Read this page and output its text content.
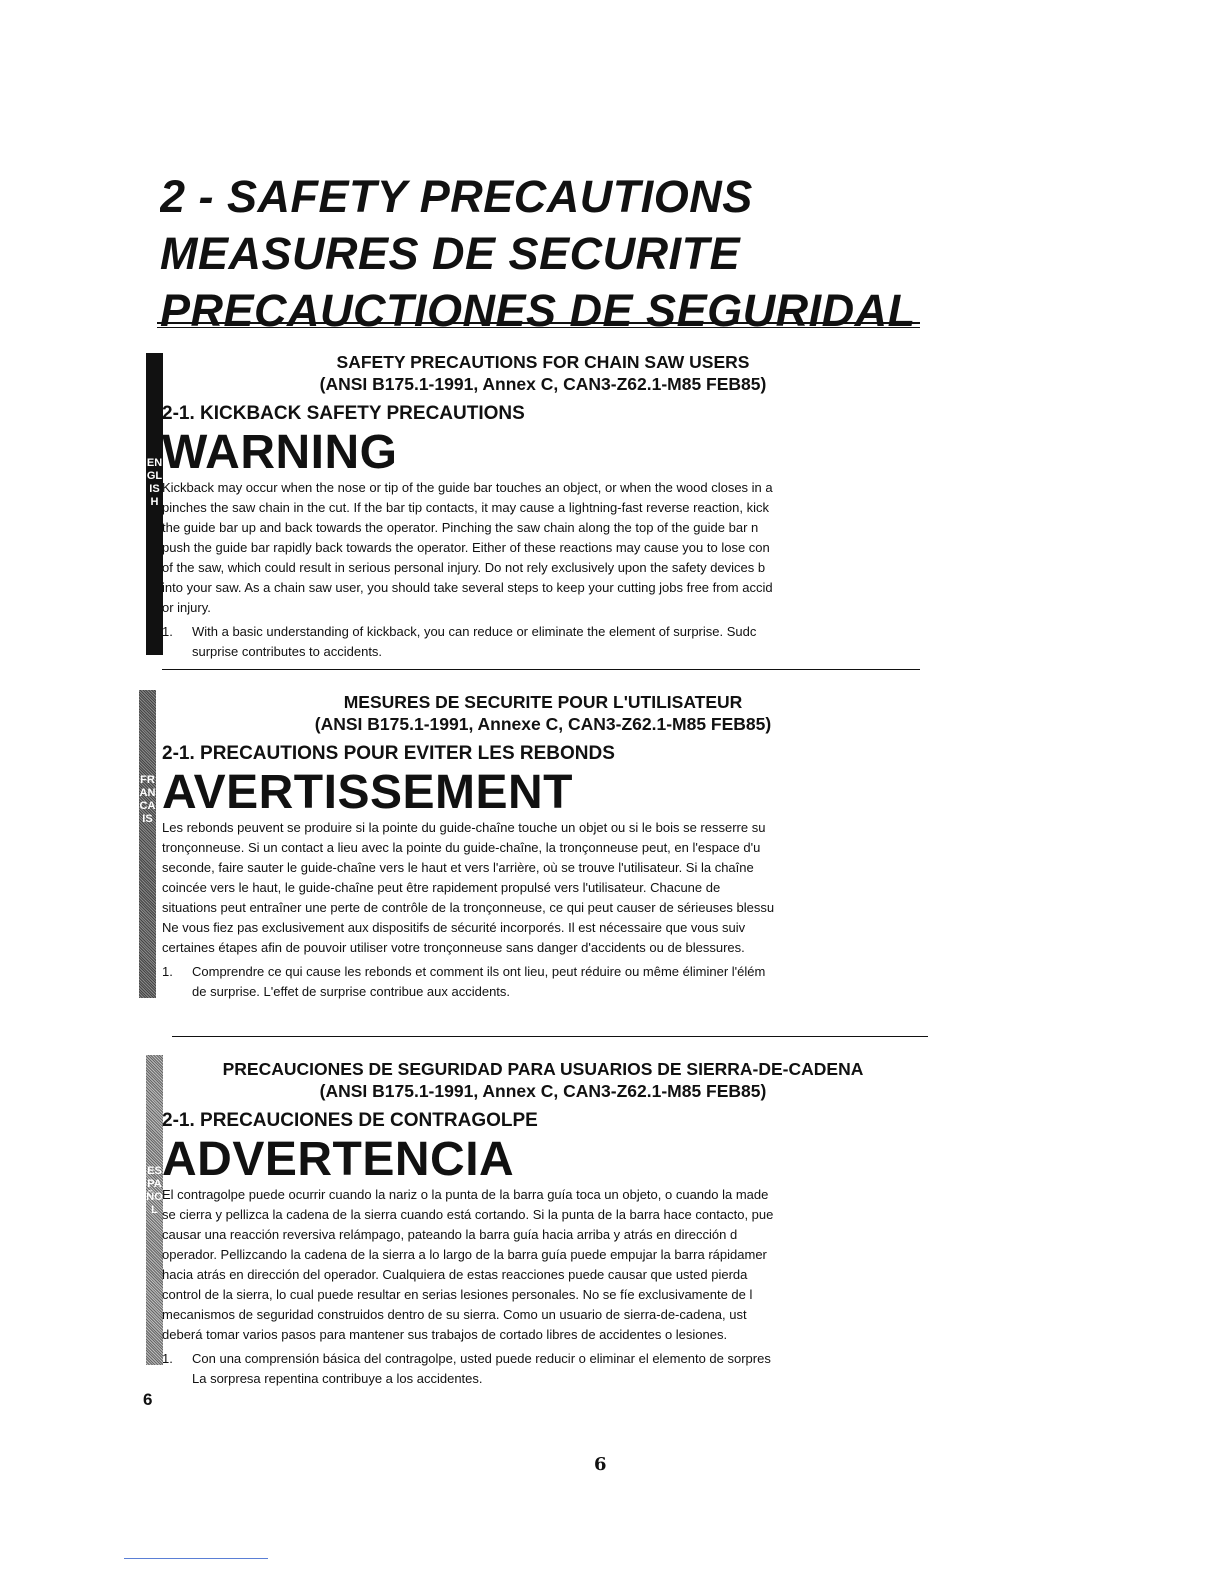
2 - SAFETY PRECAUTIONS
MEASURES DE SECURITE
PRECAUCTIONES DE SEGURIDAL
ENGLISH
SAFETY PRECAUTIONS FOR CHAIN SAW USERS
(ANSI B175.1-1991, Annex C, CAN3-Z62.1-M85 FEB85)
2-1. KICKBACK SAFETY PRECAUTIONS
WARNING
Kickback may occur when the nose or tip of the guide bar touches an object, or when the wood closes in a
pinches the saw chain in the cut. If the bar tip contacts, it may cause a lightning-fast reverse reaction, kick
the guide bar up and back towards the operator. Pinching the saw chain along the top of the guide bar n
push the guide bar rapidly back towards the operator. Either of these reactions may cause you to lose con
of the saw, which could result in serious personal injury. Do not rely exclusively upon the safety devices b
into your saw. As a chain saw user, you should take several steps to keep your cutting jobs free from accid
or injury.
1. With a basic understanding of kickback, you can reduce or eliminate the element of surprise. Sudc
surprise contributes to accidents.
FRANCAIS
MESURES DE SECURITE POUR L'UTILISATEUR
(ANSI B175.1-1991, Annexe C, CAN3-Z62.1-M85 FEB85)
2-1. PRECAUTIONS POUR EVITER LES REBONDS
AVERTISSEMENT
Les rebonds peuvent se produire si la pointe du guide-chaîne touche un objet ou si le bois se resserre su
tronçonneuse. Si un contact a lieu avec la pointe du guide-chaîne, la tronçonneuse peut, en l'espace d'u
seconde, faire sauter le guide-chaîne vers le haut et vers l'arrière, où se trouve l'utilisateur. Si la chaîne
coincée vers le haut, le guide-chaîne peut être rapidement propulsé vers l'utilisateur. Chacune de
situations peut entraîner une perte de contrôle de la tronçonneuse, ce qui peut causer de sérieuses blessu
Ne vous fiez pas exclusivement aux dispositifs de sécurité incorporés. Il est nécessaire que vous suiv
certaines étapes afin de pouvoir utiliser votre tronçonneuse sans danger d'accidents ou de blessures.
1. Comprendre ce qui cause les rebonds et comment ils ont lieu, peut réduire ou même éliminer l'élém
de surprise. L'effet de surprise contribue aux accidents.
ESPAÑOL
PRECAUCIONES DE SEGURIDAD PARA USUARIOS DE SIERRA-DE-CADENA
(ANSI B175.1-1991, Annex C, CAN3-Z62.1-M85 FEB85)
2-1. PRECAUCIONES DE CONTRAGOLPE
ADVERTENCIA
El contragolpe puede ocurrir cuando la nariz o la punta de la barra guía toca un objeto, o cuando la made
se cierra y pellizca la cadena de la sierra cuando está cortando. Si la punta de la barra hace contacto, pue
causar una reacción reversiva relámpago, pateando la barra guía hacia arriba y atrás en dirección d
operador. Pellizcando la cadena de la sierra a lo largo de la barra guía puede empujar la barra rápidamer
hacia atrás en dirección del operador. Cualquiera de estas reacciones puede causar que usted pierda
control de la sierra, lo cual puede resultar en serias lesiones personales. No se fíe exclusivamente de l
mecanismos de seguridad construidos dentro de su sierra. Como un usuario de sierra-de-cadena, ust
deberá tomar varios pasos para mantener sus trabajos de cortado libres de accidentes o lesiones.
1. Con una comprensión básica del contragolpe, usted puede reducir o eliminar el elemento de sorpres
La sorpresa repentina contribuye a los accidentes.
6
6
